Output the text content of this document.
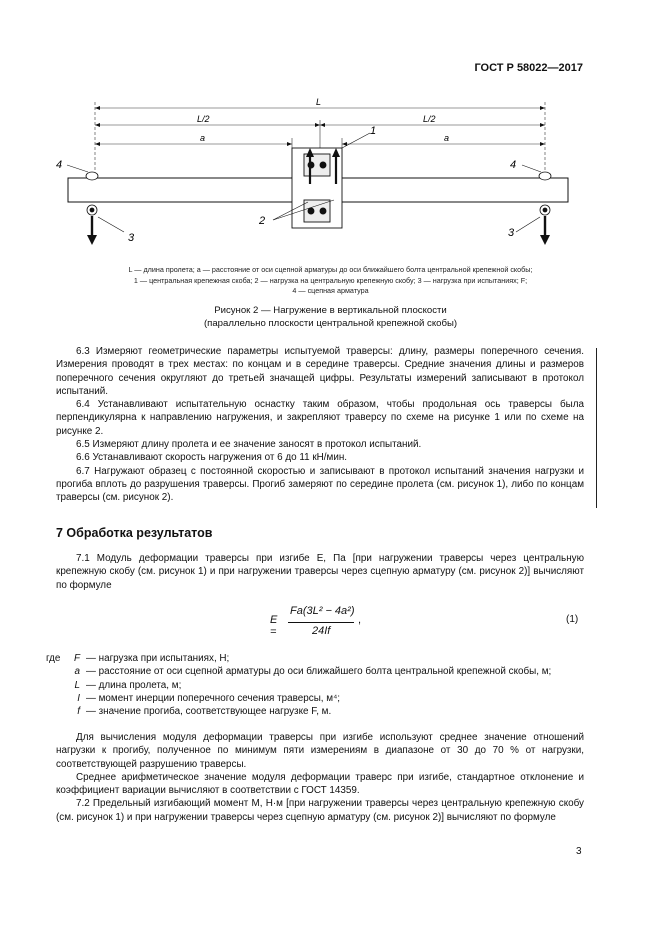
ГОСТ Р 58022—2017
L
L/2	L/2
a	a
4	4
1
2
3	3
L — длина пролета; a — расстояние от оси сцепной арматуры до оси ближайшего болта центральной крепежной скобы;
1 — центральная крепежная скоба; 2 — нагрузка на центральную крепежную скобу; 3 — нагрузка при испытаниях; F;
4 — сцепная арматура
Рисунок 2 — Нагружение в вертикальной плоскости
(параллельно плоскости центральной крепежной скобы)

6.3 Измеряют геометрические параметры испытуемой траверсы: длину, размеры поперечного сечения. Измерения проводят в трех местах: по концам и в середине траверсы. Средние значения длины и размеров поперечного сечения округляют до третьей значащей цифры. Результаты измерений записывают в протокол испытаний.

6.4 Устанавливают испытательную оснастку таким образом, чтобы продольная ось траверсы была перпендикулярна к направлению нагружения, и закрепляют траверсу по схеме на рисунке 1 или по схеме на рисунке 2.

6.5 Измеряют длину пролета и ее значение заносят в протокол испытаний.

6.6 Устанавливают скорость нагружения от 6 до 11 кН/мин.

6.7 Нагружают образец с постоянной скоростью и записывают в протокол испытаний значения нагрузки и прогиба вплоть до разрушения траверсы. Прогиб замеряют по середине пролета (см. рисунок 1), либо по концам траверсы (см. рисунок 2).

7 Обработка результатов

7.1 Модуль деформации траверсы при изгибе E, Па [при нагружении траверсы через центральную крепежную скобу (см. рисунок 1) и при нагружении траверсы через сцепную арматуру (см. рисунок 2)] вычисляют по формуле

E =
Fa(3L² − 4a²)
24If
,	(1)
где	F — нагрузка при испытаниях, Н;
a — расстояние от оси сцепной арматуры до оси ближайшего болта центральной крепежной скобы, м;
L — длина пролета, м;
I — момент инерции поперечного сечения траверсы, м⁴;
f — значение прогиба, соответствующее нагрузке F, м.

Для вычисления модуля деформации траверсы при изгибе используют среднее значение отношений нагрузки к прогибу, полученное по минимум пяти измерениям в диапазоне от 30 до 70 % от нагрузки, соответствующей разрушению траверсы.

Среднее арифметическое значение модуля деформации траверс при изгибе, стандартное отклонение и коэффициент вариации вычисляют в соответствии с ГОСТ 14359.

7.2 Предельный изгибающий момент M, Н·м [при нагружении траверсы через центральную крепежную скобу (см. рисунок 1) и при нагружении траверсы через сцепную арматуру (см. рисунок 2)] вычисляют по формуле

3
